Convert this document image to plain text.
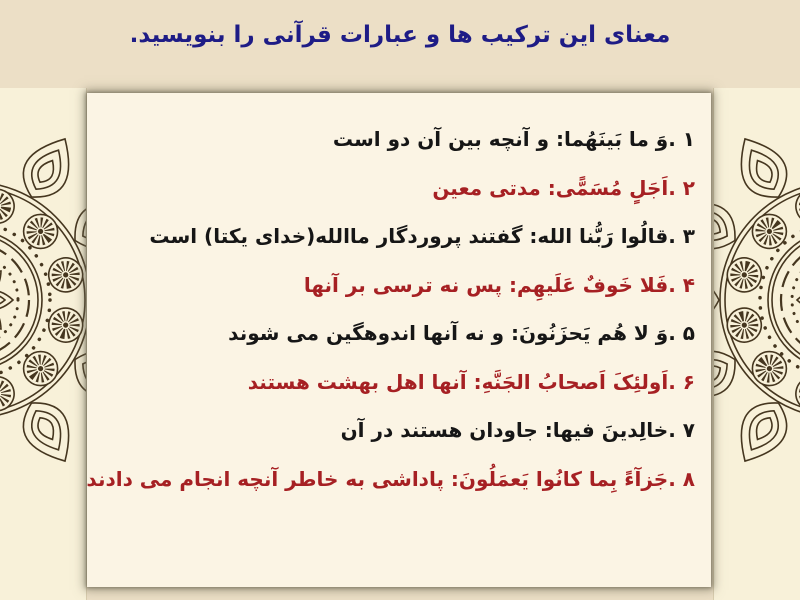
معنای این ترکیب ها و عبارات قرآنی را بنویسید.

۱ .وَ ما بَینَهُما: و آنچه بین آن دو است

۲ .اَجَلٍ مُسَمًّی: مدتی معین

۳ .قالُوا رَبُّنا الله: گفتند پروردگار ماالله(خدای یکتا) است

۴ .فَلا خَوفٌ عَلَیهِم: پس نه ترسی بر آنها

۵ .وَ لا هُم یَحزَنُونَ: و نه آنها اندوهگین می شوند

۶ .اَولئِکَ اَصحابُ الجَنَّهِ: آنها اهل بهشت هستند

۷ .خالِدینَ فیها: جاودان هستند در آن

۸ .جَزآءً بِما کانُوا یَعمَلُونَ: پاداشی به خاطر آنچه انجام می دادند
